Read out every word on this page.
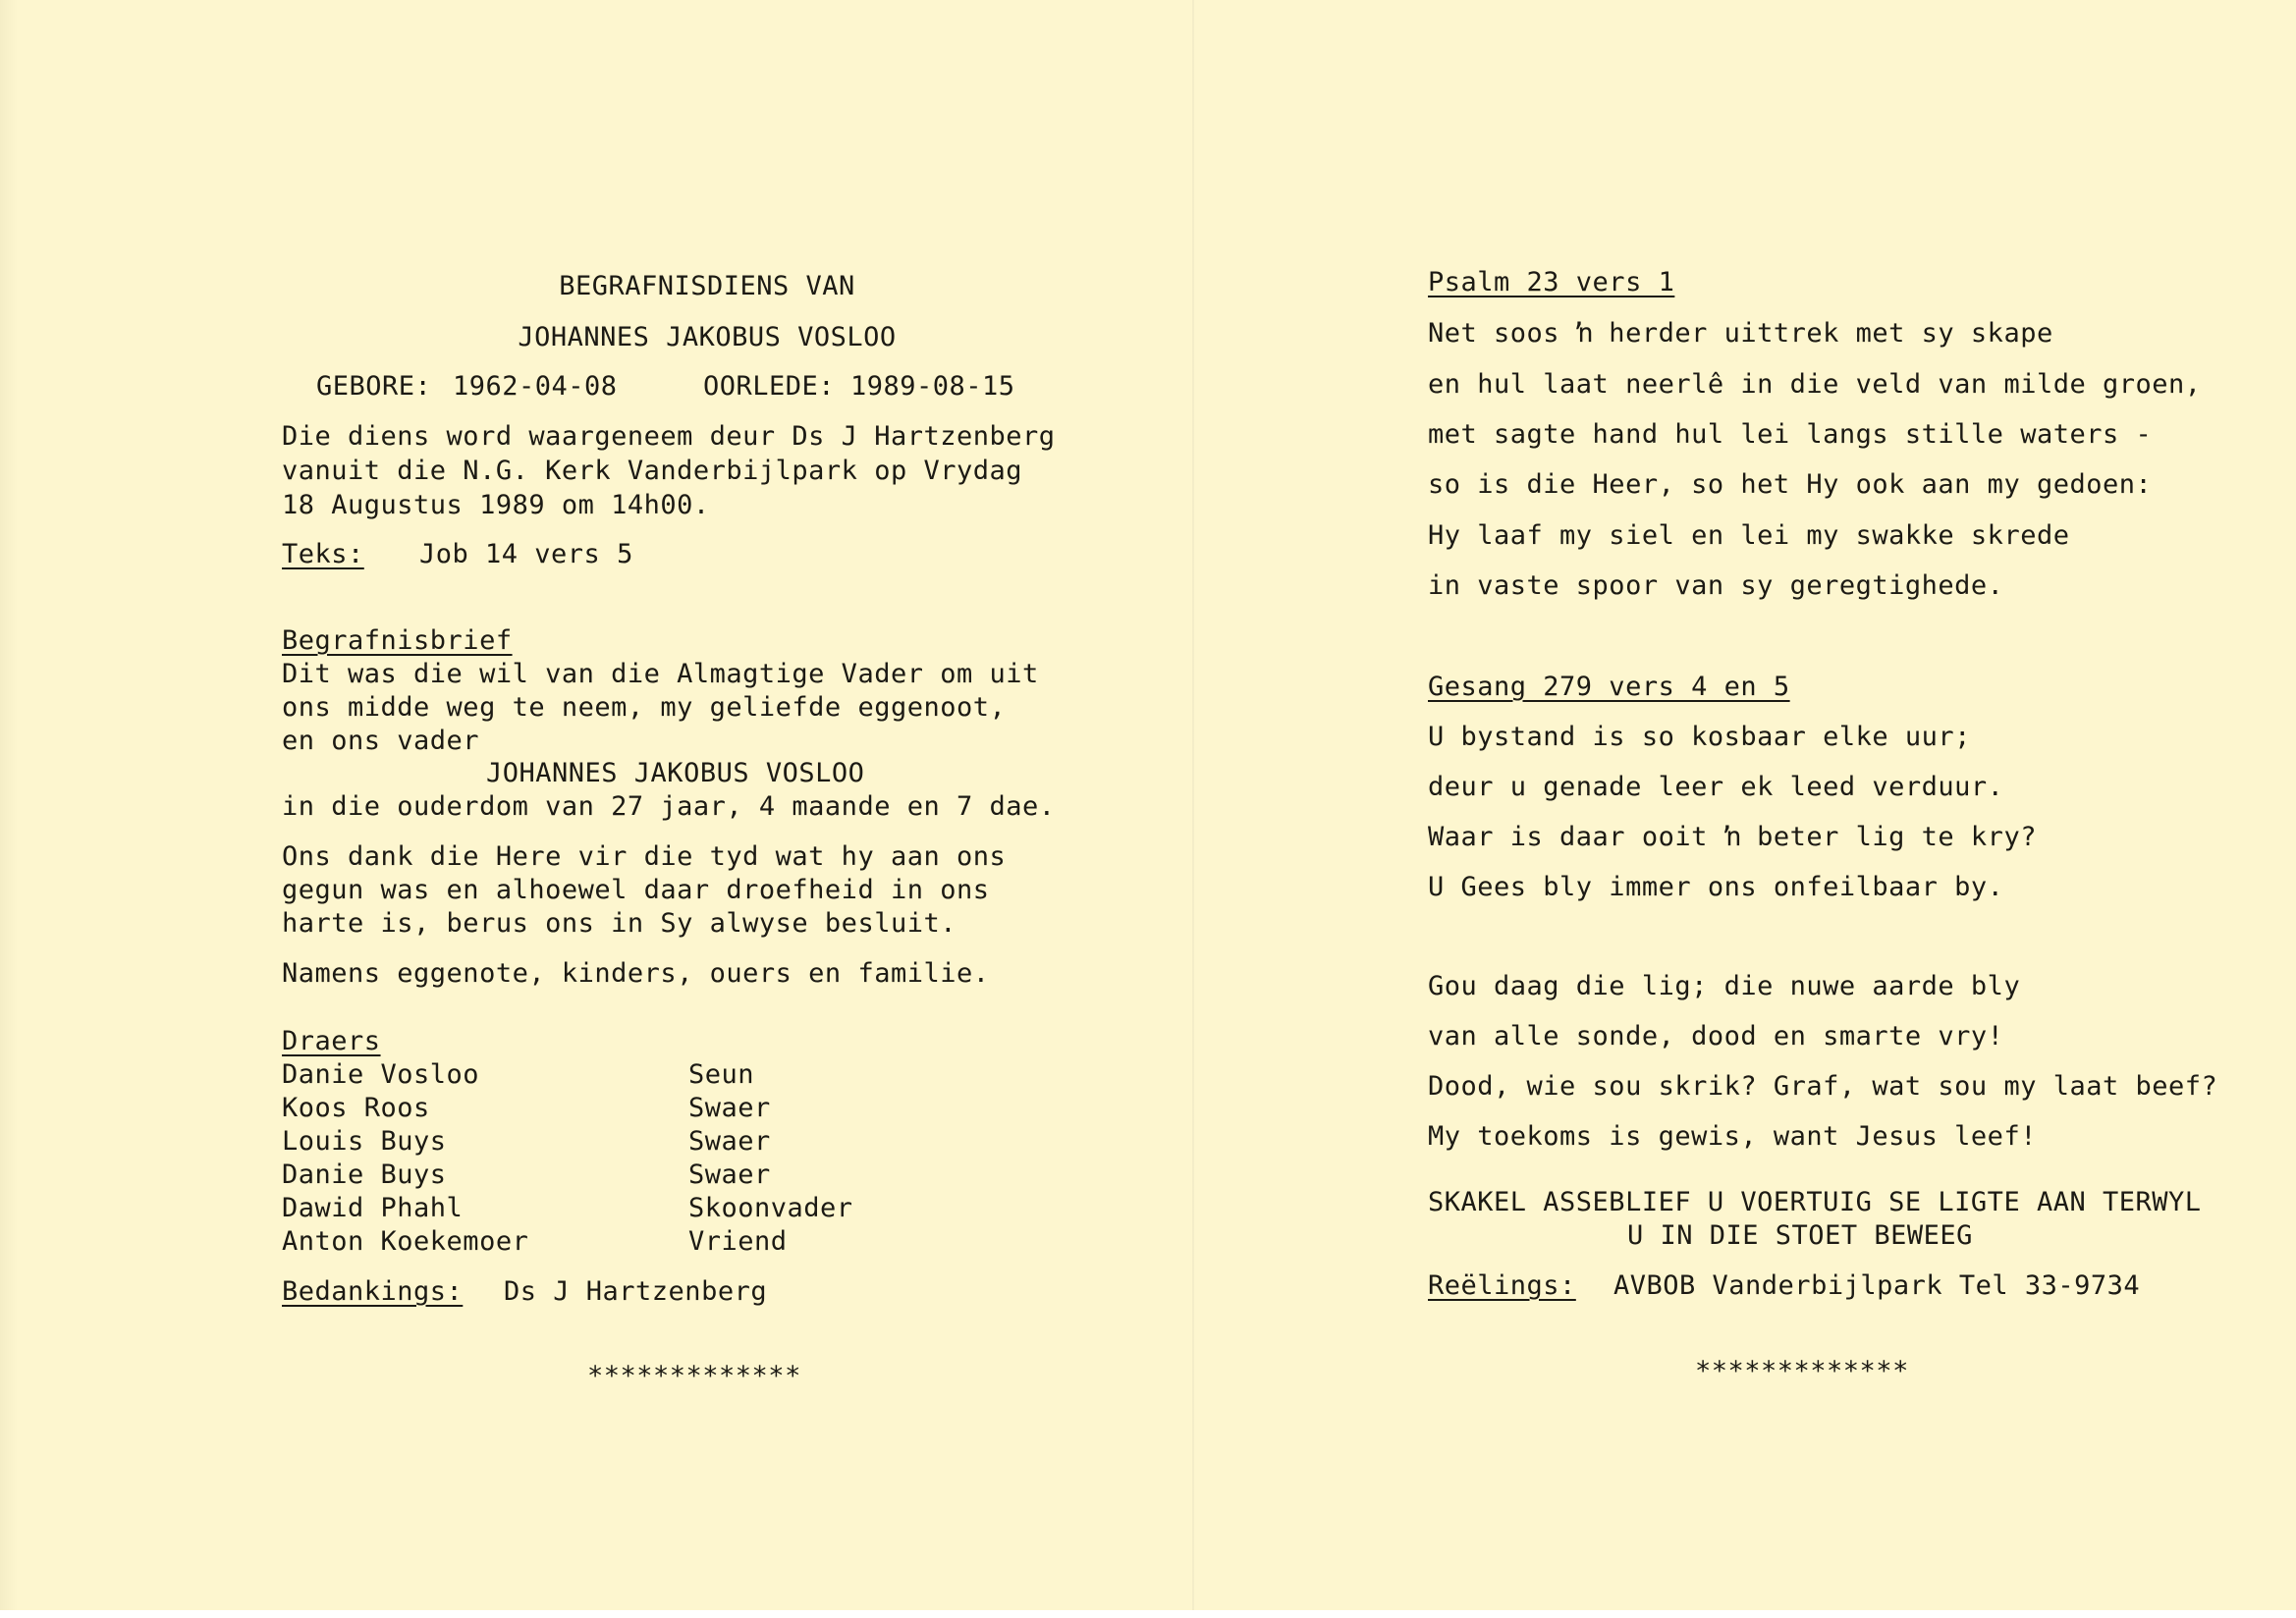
BEGRAFNISDIENS VAN
JOHANNES JAKOBUS VOSLOO
GEBORE: 1962-04-08	OORLEDE: 1989-08-15
Die diens word waargeneem deur Ds J Hartzenberg
vanuit die N.G. Kerk Vanderbijlpark op Vrydag
18 Augustus 1989 om 14h00.
Teks: Job 14 vers 5
Begrafnisbrief
Dit was die wil van die Almagtige Vader om uit
ons midde weg te neem, my geliefde eggenoot,
en ons vader
JOHANNES JAKOBUS VOSLOO
in die ouderdom van 27 jaar, 4 maande en 7 dae.
Ons dank die Here vir die tyd wat hy aan ons
gegun was en alhoewel daar droefheid in ons
harte is, berus ons in Sy alwyse besluit.
Namens eggenote, kinders, ouers en familie.
Draers
Danie Vosloo	Seun
Koos Roos	Swaer
Louis Buys	Swaer
Danie Buys	Swaer
Dawid Phahl	Skoonvader
Anton Koekemoer	Vriend
Bedankings: Ds J Hartzenberg
*************
Psalm 23 vers 1
Net soos ŉ herder uittrek met sy skape
en hul laat neerlê in die veld van milde groen,
met sagte hand hul lei langs stille waters -
so is die Heer, so het Hy ook aan my gedoen:
Hy laaf my siel en lei my swakke skrede
in vaste spoor van sy geregtighede.
Gesang 279 vers 4 en 5
U bystand is so kosbaar elke uur;
deur u genade leer ek leed verduur.
Waar is daar ooit ŉ beter lig te kry?
U Gees bly immer ons onfeilbaar by.
Gou daag die lig; die nuwe aarde bly
van alle sonde, dood en smarte vry!
Dood, wie sou skrik? Graf, wat sou my laat beef?
My toekoms is gewis, want Jesus leef!
SKAKEL ASSEBLIEF U VOERTUIG SE LIGTE AAN TERWYL
U IN DIE STOET BEWEEG
Reëlings: AVBOB Vanderbijlpark Tel 33-9734
*************
